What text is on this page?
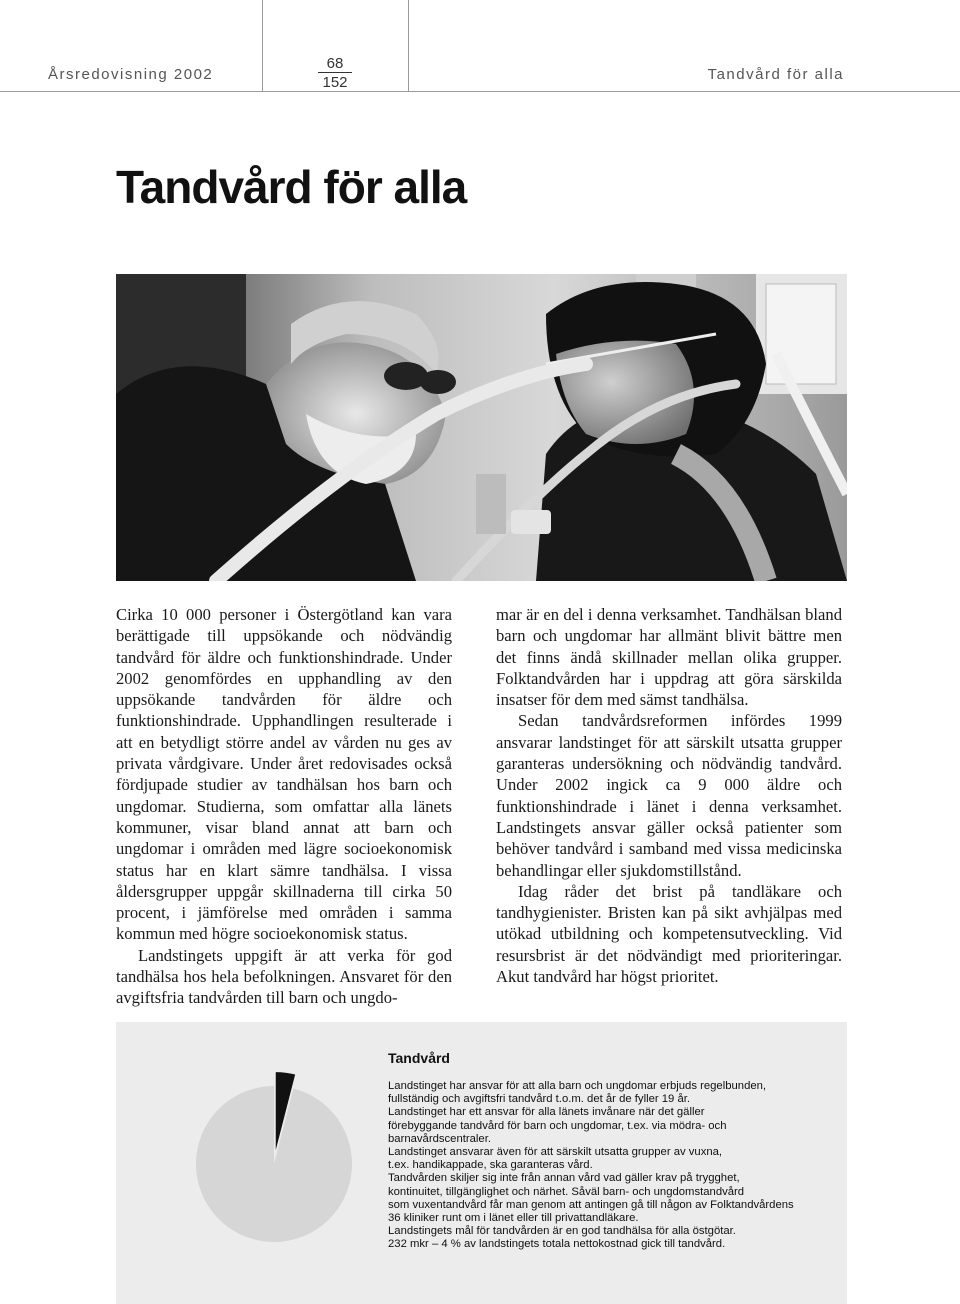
Årsredovisning 2002
68
152	Tandvård för alla
Tandvård för alla

Cirka 10 000 personer i Östergötland kan vara berättigade till uppsökande och nödvändig tandvård för äldre och funktionshindrade. Under 2002 genomfördes en upphandling av den uppsökande tandvården för äldre och funktionshindrade. Upphandlingen resulterade i att en betydligt större andel av vården nu ges av privata vårdgivare. Under året redovisades också fördjupade studier av tandhälsan hos barn och ungdomar. Studierna, som omfattar alla länets kommuner, visar bland annat att barn och ungdomar i områden med lägre socioekonomisk status har en klart sämre tandhälsa. I vissa åldersgrupper uppgår skillnaderna till cirka 50 procent, i jämförelse med områden i samma kommun med högre socioekonomisk status.

Landstingets uppgift är att verka för god tandhälsa hos hela befolkningen. Ansvaret för den avgiftsfria tandvården till barn och ungdo-

mar är en del i denna verksamhet. Tandhälsan bland barn och ungdomar har allmänt blivit bättre men det finns ändå skillnader mellan olika grupper. Folktandvården har i uppdrag att göra särskilda insatser för dem med sämst tandhälsa.

Sedan tandvårdsreformen infördes 1999 ansvarar landstinget för att särskilt utsatta grupper garanteras undersökning och nödvändig tandvård. Under 2002 ingick ca 9 000 äldre och funktionshindrade i länet i denna verksamhet. Landstingets ansvar gäller också patienter som behöver tandvård i samband med vissa medicinska behandlingar eller sjukdomstillstånd.

Idag råder det brist på tandläkare och tandhygienister. Bristen kan på sikt avhjälpas med utökad utbildning och kompetensutveckling. Vid resursbrist är det nödvändigt med prioriteringar. Akut tandvård har högst prioritet.

Tandvård

Landstinget har ansvar för att alla barn och ungdomar erbjuds regelbunden,

fullständig och avgiftsfri tandvård t.o.m. det år de fyller 19 år.

Landstinget har ett ansvar för alla länets invånare när det gäller

förebyggande tandvård för barn och ungdomar, t.ex. via mödra- och

barnavårdscentraler.

Landstinget ansvarar även för att särskilt utsatta grupper av vuxna,

t.ex. handikappade, ska garanteras vård.

Tandvården skiljer sig inte från annan vård vad gäller krav på trygghet,

kontinuitet, tillgänglighet och närhet. Såväl barn- och ungdomstandvård

som vuxentandvård får man genom att antingen gå till någon av Folktandvårdens

36 kliniker runt om i länet eller till privattandläkare.

Landstingets mål för tandvården är en god tandhälsa för alla östgötar.

232 mkr – 4 % av landstingets totala nettokostnad gick till tandvård.
